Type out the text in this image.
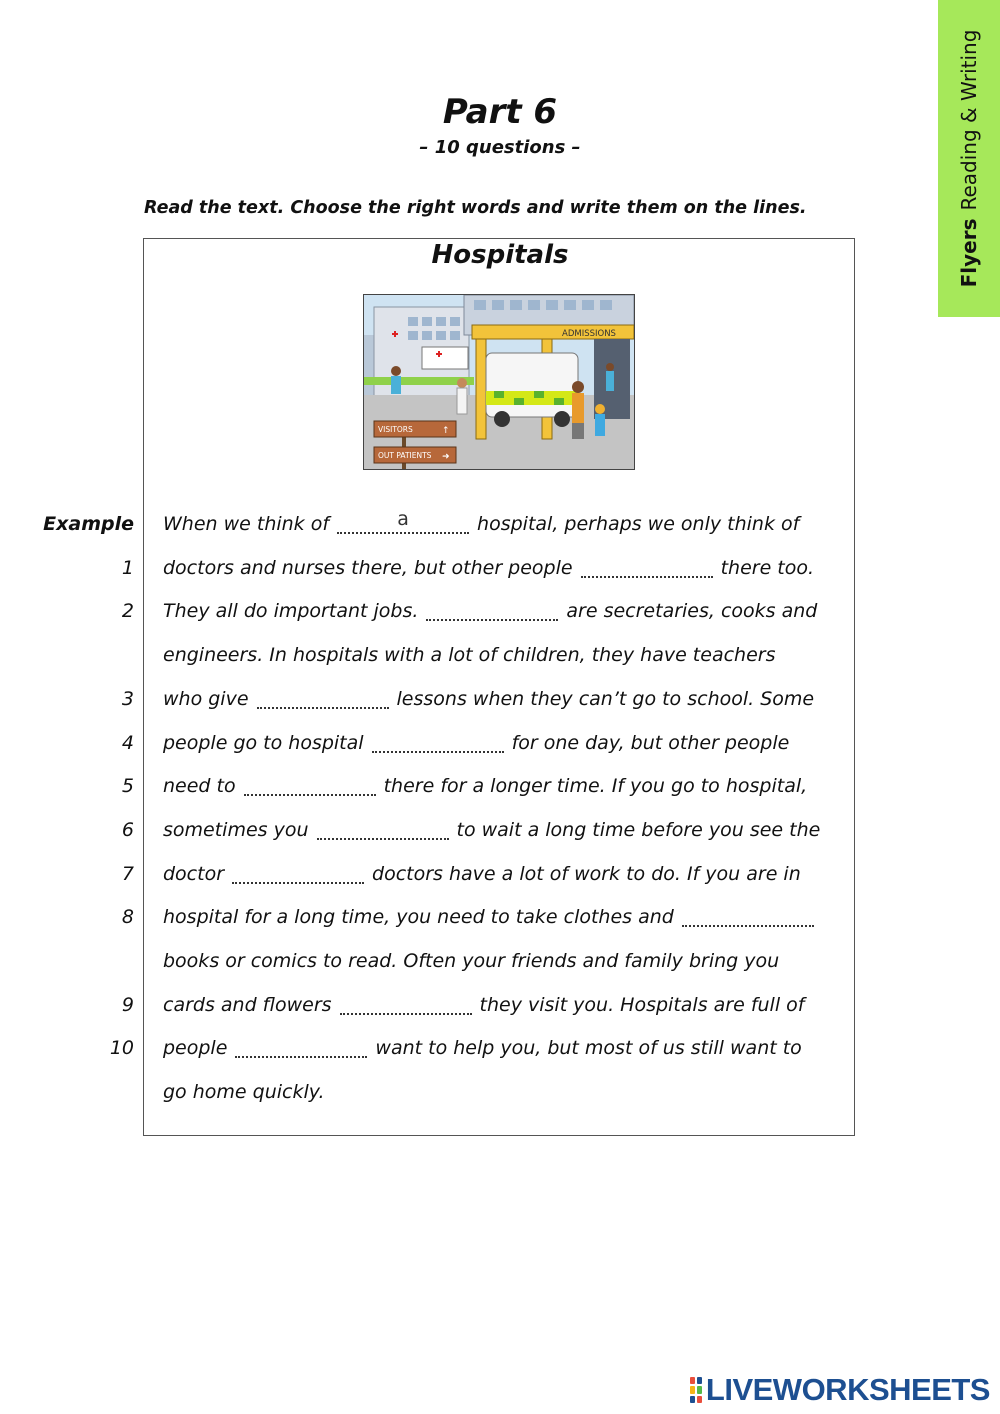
Flyers
Reading & Writing
Part 6
– 10 questions –
Read the text. Choose the right words and write them on the lines.
Hospitals
ADMISSIONS
VISITORS	↑
OUT PATIENTS ➜
Example When we think of	a	hospital, perhaps we only think of
1 doctors and nurses there, but other people	there too.
2 They all do important jobs.	are secretaries, cooks and
engineers. In hospitals with a lot of children, they have teachers
3 who give	lessons when they can’t go to school. Some
4 people go to hospital	for one day, but other people
5 need to	there for a longer time. If you go to hospital,
6 sometimes you	to wait a long time before you see the
7 doctor	doctors have a lot of work to do. If you are in
8 hospital for a long time, you need to take clothes and
books or comics to read. Often your friends and family bring you
9 cards and flowers	they visit you. Hospitals are full of
10 people	want to help you, but most of us still want to
go home quickly.
LIVEWORKSHEETS
